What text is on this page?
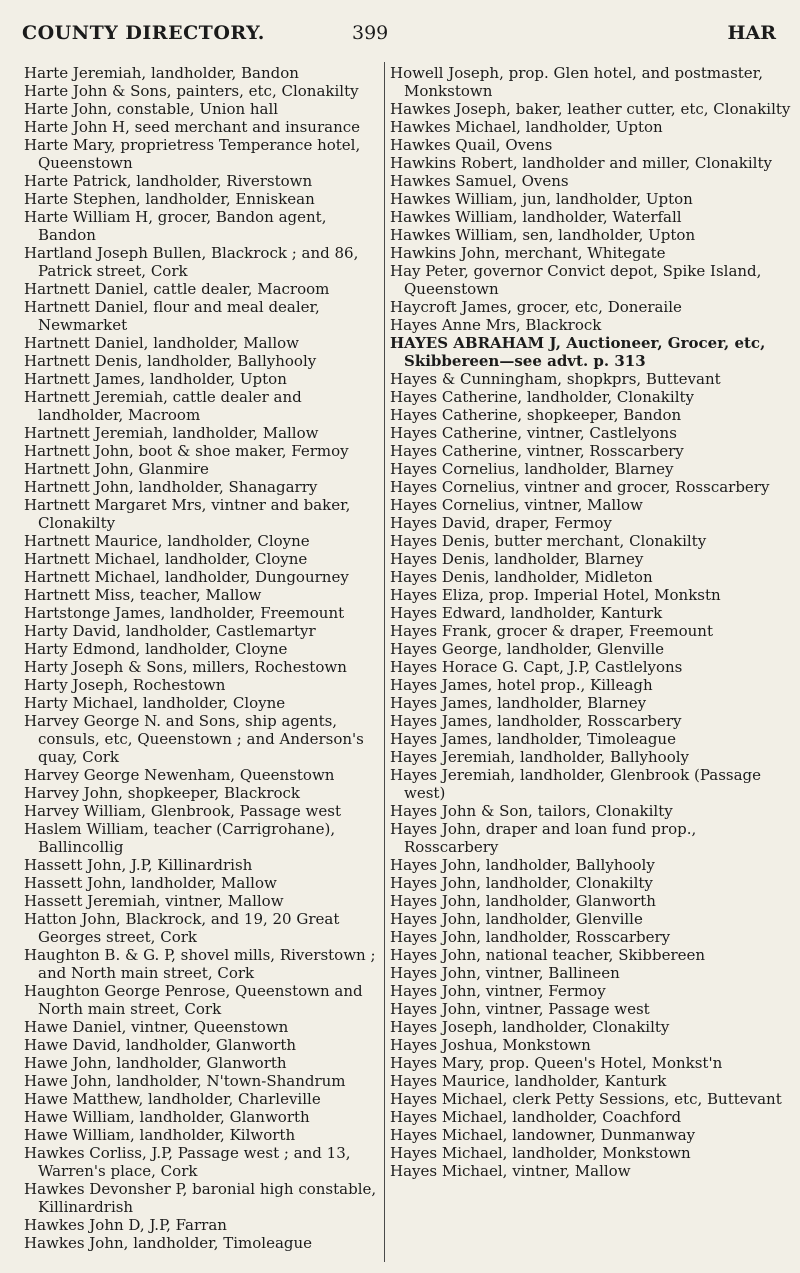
COUNTY DIRECTORY.	399	HAR
Harte Jeremiah, landholder, Bandon
Harte John & Sons, painters, etc, Clonakilty
Harte John, constable, Union hall
Harte John H, seed merchant and insurance
Harte Mary, proprietress Temperance hotel, Queenstown
Harte Patrick, landholder, Riverstown
Harte Stephen, landholder, Enniskean
Harte William H, grocer, Bandon agent, Bandon
Hartland Joseph Bullen, Blackrock ; and 86, Patrick street, Cork
Hartnett Daniel, cattle dealer, Macroom
Hartnett Daniel, flour and meal dealer, Newmarket
Hartnett Daniel, landholder, Mallow
Hartnett Denis, landholder, Ballyhooly
Hartnett James, landholder, Upton
Hartnett Jeremiah, cattle dealer and landholder, Macroom
Hartnett Jeremiah, landholder, Mallow
Hartnett John, boot & shoe maker, Fermoy
Hartnett John, Glanmire
Hartnett John, landholder, Shanagarry
Hartnett Margaret Mrs, vintner and baker, Clonakilty
Hartnett Maurice, landholder, Cloyne
Hartnett Michael, landholder, Cloyne
Hartnett Michael, landholder, Dungourney
Hartnett Miss, teacher, Mallow
Hartstonge James, landholder, Freemount
Harty David, landholder, Castlemartyr
Harty Edmond, landholder, Cloyne
Harty Joseph & Sons, millers, Rochestown
Harty Joseph, Rochestown
Harty Michael, landholder, Cloyne
Harvey George N. and Sons, ship agents, consuls, etc, Queenstown ; and Anderson's quay, Cork
Harvey George Newenham, Queenstown
Harvey John, shopkeeper, Blackrock
Harvey William, Glenbrook, Passage west
Haslem William, teacher (Carrigrohane), Ballincollig
Hassett John, J.P, Killinardrish
Hassett John, landholder, Mallow
Hassett Jeremiah, vintner, Mallow
Hatton John, Blackrock, and 19, 20 Great Georges street, Cork
Haughton B. & G. P, shovel mills, Riverstown ; and North main street, Cork
Haughton George Penrose, Queenstown and North main street, Cork
Hawe Daniel, vintner, Queenstown
Hawe David, landholder, Glanworth
Hawe John, landholder, Glanworth
Hawe John, landholder, N'town-Shandrum
Hawe Matthew, landholder, Charleville
Hawe William, landholder, Glanworth
Hawe William, landholder, Kilworth
Hawkes Corliss, J.P, Passage west ; and 13, Warren's place, Cork
Hawkes Devonsher P, baronial high constable, Killinardrish
Hawkes John D, J.P, Farran
Hawkes John, landholder, Timoleague
Howell Joseph, prop. Glen hotel, and postmaster, Monkstown
Hawkes Joseph, baker, leather cutter, etc, Clonakilty
Hawkes Michael, landholder, Upton
Hawkes Quail, Ovens
Hawkins Robert, landholder and miller, Clonakilty
Hawkes Samuel, Ovens
Hawkes William, jun, landholder, Upton
Hawkes William, landholder, Waterfall
Hawkes William, sen, landholder, Upton
Hawkins John, merchant, Whitegate
Hay Peter, governor Convict depot, Spike Island, Queenstown
Haycroft James, grocer, etc, Doneraile
Hayes Anne Mrs, Blackrock
HAYES ABRAHAM J, Auctioneer, Grocer, etc, Skibbereen—see advt. p. 313
Hayes & Cunningham, shopkprs, Buttevant
Hayes Catherine, landholder, Clonakilty
Hayes Catherine, shopkeeper, Bandon
Hayes Catherine, vintner, Castlelyons
Hayes Catherine, vintner, Rosscarbery
Hayes Cornelius, landholder, Blarney
Hayes Cornelius, vintner and grocer, Rosscarbery
Hayes Cornelius, vintner, Mallow
Hayes David, draper, Fermoy
Hayes Denis, butter merchant, Clonakilty
Hayes Denis, landholder, Blarney
Hayes Denis, landholder, Midleton
Hayes Eliza, prop. Imperial Hotel, Monkstn
Hayes Edward, landholder, Kanturk
Hayes Frank, grocer & draper, Freemount
Hayes George, landholder, Glenville
Hayes Horace G. Capt, J.P, Castlelyons
Hayes James, hotel prop., Killeagh
Hayes James, landholder, Blarney
Hayes James, landholder, Rosscarbery
Hayes James, landholder, Timoleague
Hayes Jeremiah, landholder, Ballyhooly
Hayes Jeremiah, landholder, Glenbrook (Passage west)
Hayes John & Son, tailors, Clonakilty
Hayes John, draper and loan fund prop., Rosscarbery
Hayes John, landholder, Ballyhooly
Hayes John, landholder, Clonakilty
Hayes John, landholder, Glanworth
Hayes John, landholder, Glenville
Hayes John, landholder, Rosscarbery
Hayes John, national teacher, Skibbereen
Hayes John, vintner, Ballineen
Hayes John, vintner, Fermoy
Hayes John, vintner, Passage west
Hayes Joseph, landholder, Clonakilty
Hayes Joshua, Monkstown
Hayes Mary, prop. Queen's Hotel, Monkst'n
Hayes Maurice, landholder, Kanturk
Hayes Michael, clerk Petty Sessions, etc, Buttevant
Hayes Michael, landholder, Coachford
Hayes Michael, landowner, Dunmanway
Hayes Michael, landholder, Monkstown
Hayes Michael, vintner, Mallow
